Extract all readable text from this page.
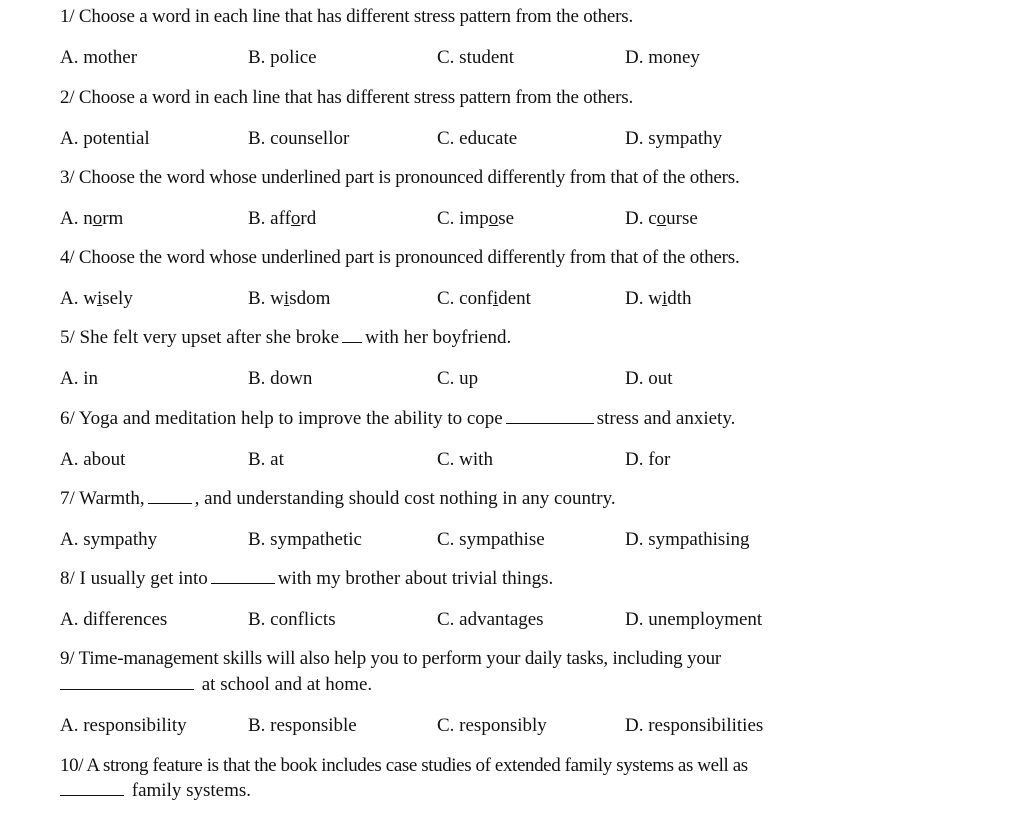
1/ Choose a word in each line that has different stress pattern from the others.
A. mother	B. police	C. student	D. money
2/ Choose a word in each line that has different stress pattern from the others.
A. potential	B. counsellor	C. educate	D. sympathy
3/ Choose the word whose underlined part is pronounced differently from that of the others.
A. norm	B. afford	C. impose	D. course
4/ Choose the word whose underlined part is pronounced differently from that of the others.
A. wisely	B. wisdom	C. confident	D. width
5/ She felt very upset after she broke with her boyfriend.
A. in	B. down	C. up	D. out
6/ Yoga and meditation help to improve the ability to cope	stress and anxiety.
A. about	B. at	C. with	D. for
7/ Warmth,	, and understanding should cost nothing in any country.
A. sympathy	B. sympathetic	C. sympathise	D. sympathising
8/ I usually get into	with my brother about trivial things.
A. differences	B. conflicts	C. advantages	D. unemployment
9/ Time-management skills will also help you to perform your daily tasks, including your
at school and at home.
A. responsibility	B. responsible	C. responsibly	D. responsibilities
10/ A strong feature is that the book includes case studies of extended family systems as well as
family systems.
